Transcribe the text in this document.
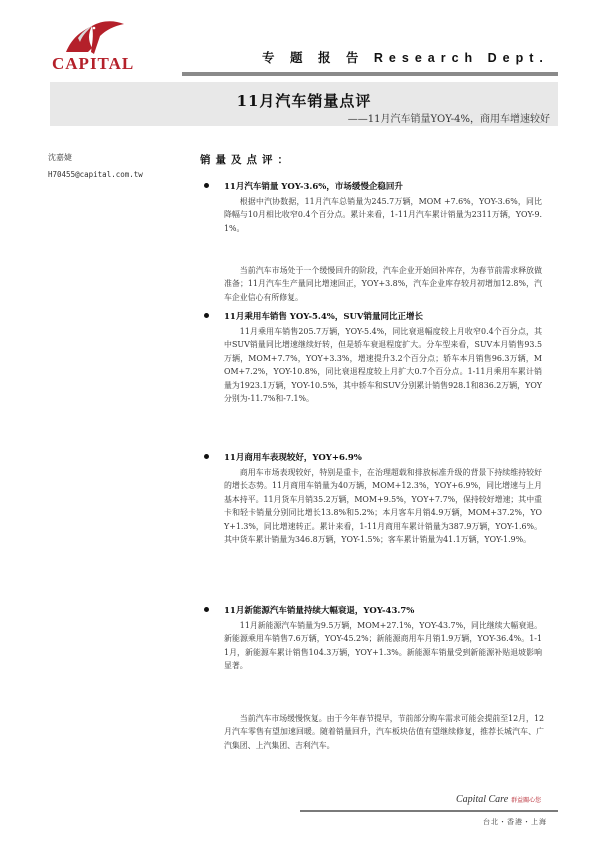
CAPITAL	专 题 报 告 Research Dept.
11月汽车销量点评
——11月汽车销量YOY-4%，商用车增速较好
沈嘉婕
H70455@capital.com.tw
销量及点评：
11月汽车销量 YOY-3.6%，市场缓慢企稳回升
根据中汽协数据，11月汽车总销量为245.7万辆，MOM +7.6%，YOY-3.6%，同比降幅与10月相比收窄0.4个百分点。累计来看，1-11月汽车累计销量为2311万辆，YOY-9.1%。
当前汽车市场处于一个缓慢回升的阶段，汽车企业开始回补库存，为春节前需求释放做准备；11月汽车生产量同比增速回正，YOY+3.8%，汽车企业库存较月初增加12.8%，汽车企业信心有所修复。
11月乘用车销售 YOY-5.4%，SUV销量同比正增长
11月乘用车销售205.7万辆，YOY-5.4%，同比衰退幅度较上月收窄0.4个百分点，其中SUV销量同比增速继续好转，但是轿车衰退程度扩大。分车型来看，SUV本月销售93.5万辆，MOM+7.7%，YOY+3.3%，增速提升3.2个百分点；轿车本月销售96.3万辆，MOM+7.2%，YOY-10.8%，同比衰退程度较上月扩大0.7个百分点。1-11月乘用车累计销量为1923.1万辆，YOY-10.5%，其中轿车和SUV分别累计销售928.1和836.2万辆，YOY分别为-11.7%和-7.1%。
11月商用车表现较好，YOY+6.9%
商用车市场表现较好，特别是重卡，在治理超载和排放标准升级的背景下持续维持较好的增长态势。11月商用车销量为40万辆，MOM+12.3%，YOY+6.9%，同比增速与上月基本持平。11月货车月销35.2万辆，MOM+9.5%，YOY+7.7%，保持较好增速；其中重卡和轻卡销量分别同比增长13.8%和5.2%；本月客车月销4.9万辆，MOM+37.2%，YOY+1.3%，同比增速转正。累计来看，1-11月商用车累计销量为387.9万辆，YOY-1.6%。其中货车累计销量为346.8万辆，YOY-1.5%；客车累计销量为41.1万辆，YOY-1.9%。
11月新能源汽车销量持续大幅衰退，YOY-43.7%
11月新能源汽车销量为9.5万辆，MOM+27.1%，YOY-43.7%，同比继续大幅衰退。新能源乘用车销售7.6万辆，YOY-45.2%；新能源商用车月销1.9万辆，YOY-36.4%。1-11月，新能源车累计销售104.3万辆，YOY+1.3%。新能源车销量受到新能源补贴退坡影响显著。
当前汽车市场缓慢恢复。由于今年春节提早，节前部分购车需求可能会提前至12月，12月汽车零售有望加速回暖。随着销量回升，汽车板块估值有望继续修复，推荐长城汽车、广汽集团、上汽集团、吉利汽车。
Capital Care 群益關心您
台北・香港・上海
